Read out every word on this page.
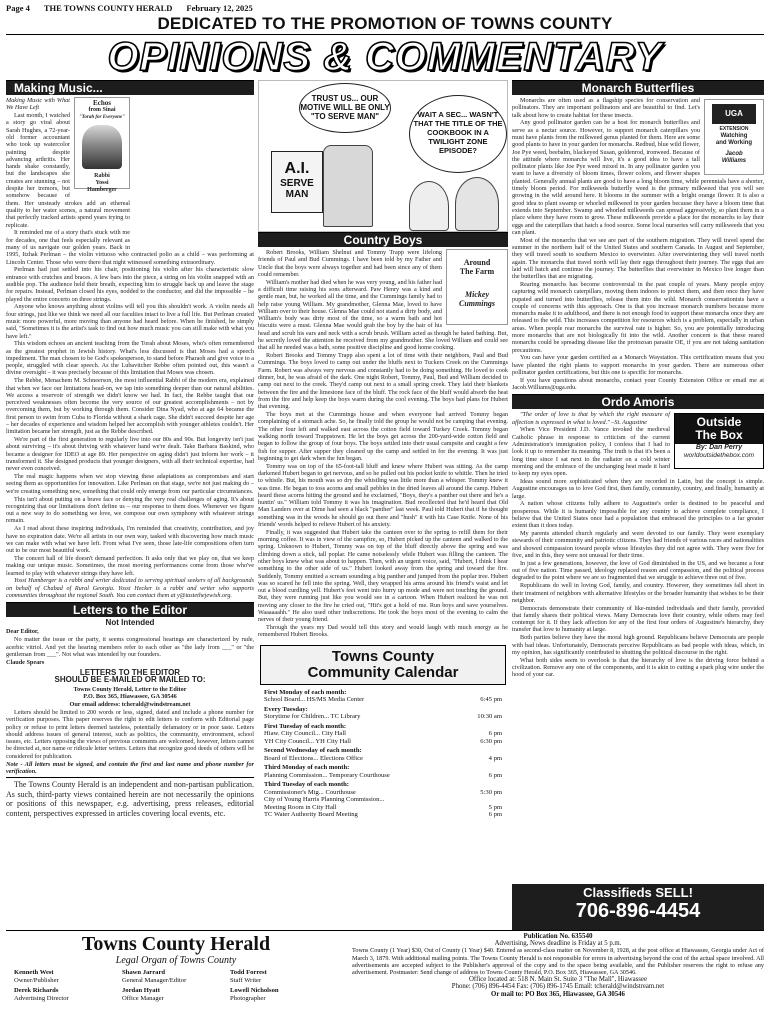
Page 4 THE TOWNS COUNTY HERALD February 12, 2025
DEDICATED TO THE PROMOTION OF TOWNS COUNTY
OPINIONS & COMMENTARY
Making Music...
Echos
from Sinai
"Torah for Everyone"
Rabbi
Yossi
Hamberger

Making Music with What We Have Left

Last month, I watched a story go viral about Sarah Hughes, a 72-year-old former accountant who took up watercolor painting despite advancing arthritis. Her hands shake constantly, but the landscapes she creates are stunning – not despite her tremors, but somehow because of them. Her unsteady strokes add an ethereal quality to her water scenes, a natural movement that perfectly tracked artists spend years trying to replicate.

It reminded me of a story that's stuck with me for decades, one that feels especially relevant as many of us navigate our golden years. Back in 1995, Itzhak Perlman – the violin virtuoso who contracted polio as a child – was performing at Lincoln Center. Those who were there that night witnessed something extraordinary.

Perlman had just settled into his chair, positioning his violin after his characteristic slow entrance with crutches and braces. A few bars into the piece, a string on his violin snapped with an audible pop. The audience held their breath, expecting him to struggle back up and leave the stage for repairs. Instead, Perlman closed his eyes, nodded to the conductor, and did the impossible – he played the entire concerto on three strings.

Anyone who knows anything about violins will tell you this shouldn't work. A violin needs all four strings, just like we think we need all our faculties intact to live a full life. But Perlman created music more powerful, more moving than anyone had heard before. When he finished, he simply said, "Sometimes it is the artist's task to find out how much music you can still make with what you have left."

This wisdom echoes an ancient teaching from the Torah about Moses, who's often remembered as the greatest prophet in Jewish history. What's less discussed is that Moses had a speech impediment. The man chosen to be God's spokesperson, to stand before Pharaoh and give voice to a people, struggled with clear speech. As the Lubavitcher Rebbe often pointed out, this wasn't a divine oversight – it was precisely because of this limitation that Moses was chosen.

The Rebbe, Menachem M. Schneerson, the most influential Rabbi of the modern era, explained that when we face our limitations head-on, we tap into something deeper than our natural abilities. We access a reservoir of strength we didn't know we had. In fact, the Rebbe taught that our perceived weaknesses often become the very source of our greatest accomplishments – not by overcoming them, but by working through them. Consider Dina Nyad, who at age 64 became the first person to swim from Cuba to Florida without a shark cage. She didn't succeed despite her age – her decades of experience and wisdom helped her accomplish with younger athletes couldn't. Her limitation became her strength, just as the Rebbe described.

We're part of the first generation to regularly live into our 80s and 90s. But longevity isn't just about surviving – it's about thriving with whatever hand we're dealt. Take Barbara Baskind, who became a designer for IDEO at age 89. Her perspective on aging didn't just inform her work – it transformed it. She designed products that younger designers, with all their technical expertise, had never even conceived.

The real magic happens when we stop viewing these adaptations as compromises and start seeing them as opportunities for innovation. Like Perlman on that stage, we're not just making do – we're creating something new, something that could only emerge from our particular circumstances.

This isn't about putting on a brave face or denying the very real challenges of aging. It's about recognizing that our limitations don't define us – our response to them does. Whenever we figure out a new way to do something we love, we compose our own symphony with whatever strings remain.

As I read about these inspiring individuals, I'm reminded that creativity, contribution, and joy have no expiration date. We're all artists in our own way, tasked with discovering how much music we can make with what we have left. From what I've seen, those late-life compositions often turn out to be our most beautiful work.

The concert hall of life doesn't demand perfection. It asks only that we play on, that we keep making our unique music. Sometimes, the most moving performances come from those who've learned to play with whatever strings they have left.

Yossi Hamberger is a rabbi and writer dedicated to serving spiritual seekers of all backgrounds on behalf of Chabad of Rural Georgia. Yossi Hecker is a rabbi and writer who supports communities throughout the regional South. You can contact them at y@tastethejewish.org.

Letters to the Editor
Not Intended

Dear Editor,

No matter the issue or the party, it seems congressional hearings are characterized by rude, acerbic vitriol. And yet the hearing members refer to each other as "the lady from ___" or "the gentleman from ___". Not what was intended by our founders.

Claude Spears

LETTERS TO THE EDITOR
SHOULD BE E-MAILED OR MAILED TO:

Towns County Herald, Letter to the Editor

P.O. Box 365, Hiawassee, GA 30546

Our email address: tcherald@windstream.net

Letters should be limited to 200 words or less, signed, dated and include a phone number for verification purposes. This paper reserves the right to edit letters to conform with Editorial page policy or refuse to print letters deemed tasteless, potentially defamatory or in poor taste. Letters should address issues of general interest, such as politics, the community, environment, school issues, etc. Letters opposing the views of previous comments are welcomed, however, letters cannot be directed at, nor name or ridicule letter writers. Letters that recognize good deeds of others will be considered for publication.

Note - All letters must be signed, and contain the first and last name and phone number for verification.

The Towns County Herald is an independent and non-partisan publication. As such, third-party views contained herein are not necessarily the opinions or positions of this newspaper, e.g. advertising, press releases, editorial content, perspectives expressed in articles covering local events, etc.

TRUST US... OUR MOTIVE WILL BE ONLY "TO SERVE MAN"	WAIT A SEC... WASN'T THAT THE TITLE OF THE COOKBOOK IN A TWILIGHT ZONE EPISODE?
A.I.
SERVE MAN
Country Boys
Around
The Farm
Mickey
Cummings

Robert Brooks, William Shelnut and Tommy Trapp were lifelong friends of Paul and Bud Cummings. I have been told by my Father and Uncle that the boys were always together and had been since any of them could remember.

William's mother had died when he was very young, and his father had a difficult time raising his sons afterward. Paw Henry was a kind and gentle man, but, he worked all the time, and the Cummings family had to help raise young William. My grandmother, Glenna Mae, loved to have William over to their house. Glenna Mae could not stand a dirty body, and William's body was dirty most of the time, so a warm bath and hot biscuits were a must. Glenna Mae would grab the boy by the hair of his head and scrub his ears and neck with a scrub brush. William acted as though he hated bathing. But, he secretly loved the attention he received from my grandmother. She loved William and could see that all he needed was a bath, some positive discipline and good home cooking.

Robert Brooks and Tommy Trapp also spent a lot of time with their neighbors, Paul and Bud Cummings. The boys loved to camp out under the bluffs next to Tuckers Creek on the Cummings Farm. Robert was always very nervous and constantly had to be doing something. He loved to cook dinner, but, he was afraid of the dark. One night Robert, Tommy, Paul, Bud and William decided to camp out next to the creek. They'd camp out next to a small spring creek. They laid their blankets between the fire and the limestone face of the bluff. The rock face of the bluff would absorb the heat from the fire and help keep the boys warm during the cool evening. The boys had plans for Hubert that evening.

The boys met at the Cummings house and when everyone had arrived Tommy began complaining of a stomach ache. So, he finally told the group he would not be camping that evening. The other four left and walked east across the cotton field toward Turkey Creek. Tommy began walking north toward Trappstown. He let the boys get across the 200-yard-wide cotton field and began to follow the group of four boys. The boys settled into their usual campsite and caught a few fish for supper. After supper they cleaned up the camp and settled in for the evening. It was just beginning to get dark when the fun began.

Tommy was on top of the 65-foot-tall bluff and knew where Hubert was sitting. As the camp darkened Hubert began to get nervous, and so he pulled out his pocket knife to whittle. Then he tried to whistle. But, his mouth was so dry the whistling was little more than a whisper. Tommy knew it was time. He began to toss acorns and small pebbles in the dried leaves all around the camp. Hubert heard these acorns hitting the ground and he exclaimed, "Boys, they's a panther out there and he's a huntin' us." William told Tommy it was his imagination. Bud recollected that he'd heard that Old Man Landers over at Dime had seen a black "panther" last week. Paul told Hubert that if he thought something was in the woods he should go out there and "hush" it with his Case Knife. None of his friends' words helped to relieve Hubert of his anxiety.

Finally, it was suggested that Hubert take the canteen over to the spring to refill them for their morning coffee. It was in view of the campfire, so, Hubert picked up the canteen and walked to the spring. Unknown to Hubert, Tommy was on top of the bluff directly above the spring and was climbing down a stick, tall poplar. He came noiselessly while Hubert was filling the canteen. The other boys knew what was about to happen. Then, with an urgent voice, said, "Hubert, I think I hear something to the other side of us." Hubert looked away from the spring and toward the fire. Suddenly, Tommy emitted a scream sounding a big panther and jumped from the poplar tree. Hubert was so scared he fell into the spring. Well, they wrapped his arms around his friend's waist and let out a blood curdling yell. Hubert's feet went into hurry up mode and were not touching the ground. But, they were running just like you would see in a cartoon. When Hubert realized he was not moving any closer to the fire he cried out, "Hit's got a hold of me. Run boys and save yourselves. Waaaaaahh." He also used other indiscretions. He took the boys most of the evening to calm the nerves of their young friend.

Through the years my Dad would tell this story and would laugh with much energy as he remembered Hubert Brooks.

Towns County
Community Calendar
First Monday of each month:
School Board... HS/MS Media Center	6:45 pm
Every Tuesday:
Storytime for Children... TC Library	10:30 am
First Tuesday of each month:
Hiaw. City Council... City Hall	6 pm
YH City Council... YH City Hall	6:30 pm
Second Wednesday of each month:
Board of Elections... Elections Office	4 pm
Third Monday of each month:
Planning Commission... Temporary Courthouse	6 pm
Third Tuesday of each month:
Commissioner's Mtg... Courthouse	5:30 pm
City of Young Harris Planning Commission...
Meeting Room in City Hall	5 pm
TC Water Authority Board Meeting	6 pm
Monarch Butterflies
UGA
EXTENSION
Watching
and Working
Jacob
Williams

Monarchs are often used as a flagship species for conservation and pollinators. They are important pollinators and are beautiful to find. Let's talk about how to create habitat for these insects.

Any good pollinator garden can be a host for monarch butterflies and serve as a nectar source. However, to support monarch caterpillars you must have plants from the milkweed genus planted for them. Here are some good plants to have in your garden for monarchs. Redbud, blue wild flower, Joe Pye weed, beebalm, blackeyed Susan, goldenrod, ironweed. Because of the attitude where monarchs will live, it's a good idea to have a tall pollinator plants like Joe Pye weed mixed in. In any pollinator garden you want to have a diversity of bloom times, flower colors, and flower shapes planted. Generally annual plants are good to have a long bloom time, while perennials have a shorter, timely bloom period. For milkweeds butterfly weed is the primary milkweed that you will see growing in the wild around here. It blooms in the summer with a bright orange flower. It is also a good idea to plant swamp or whorled milkweed in your garden because they have a bloom time that extends into September. Swamp and whorled milkweeds can spread aggressively, so plant them in a place where they have room to grow. These milkweeds provide a place for the monarchs to lay their eggs and the caterpillars that hatch a food source. Some local nurseries will carry milkweeds that you can plant.

Most of the monarchs that we see are part of the southern migration. They will travel spend the summer in the northern half of the United States and southern Canada. In August and September, they will travel south to southern Mexico to overwinter. After overwintering they will travel north again. The monarchs that travel north will lay their eggs throughout their journey. The eggs that are laid will hatch and continue the journey. The butterflies that overwinter in Mexico live longer than the butterflies that are migrating.

Rearing monarchs has become controversial in the past couple of years. Many people enjoy capturing wild monarch caterpillars, moving them indoors to protect them, and then once they have pupated and turned into butterflies, release them into the wild. Monarch conservationists have a couple of concerns with this approach. One is that you increase monarch numbers because more monarchs make it to adulthood, and there is not enough food to support these monarchs once they are released to the wild. This increases competition for resources which is a problem, especially in urban areas. When people rear monarchs the survival rate is higher. So, you are potentially introducing more monarchs that are not biologically fit into the wild. Another concern is that these reared monarchs could be spreading disease like the protozoan parasite OE, if you are not taking sanitation precautions.

You can have your garden certified as a Monarch Waystation. This certification means that you have planted the right plants to support monarchs in your garden. There are numerous other pollinator garden certifications, but this one is specific for monarchs.

If you have questions about monarchs, contact your County Extension Office or email me at Jacob.Williams@uga.edu.

Ordo Amoris
Outside
The Box
By: Dan Perry
worldoutsidethebox.com

"The order of love is that by which the right measure of affection is expressed in what is loved." –St. Augustine

When Vice President J.D. Vance invoked the medieval Catholic phrase in response to criticism of the current Administration's immigration policy, I confess that I had to look it up to remember its meaning. The truth is that it's been a long time since I sat next to the radiator on a cold winter morning and the embrace of the unchanging heat made it hard to keep my eyes open.

Ideas sound more sophisticated when they are recorded in Latin, but the concept is simple. Augustine encourages us to love God first, then family, community, country, and finally, humanity at large.

A nation whose citizens fully adhere to Augustine's order is destined to be peaceful and prosperous. While it is humanly impossible for any country to achieve complete compliance, I believe that the United States once had a population that embraced the principles to a far greater extent than it does today.

My parents attended church regularly and were devoted to our family. They were exemplary stewards of their community and patriotic citizens. They had friends of various races and nationalities and showed compassion toward people whose lifestyles they did not agree with. They were five for five, and in this, they were not unusual for their time.

In just a few generations, however, the love of God diminished in the US, and we became a four out of five nation. Time passed, ideology replaced reason and compassion, and the political process degraded to the point where we are so fragmented that we struggle to achieve three out of five.

Republicans do well in loving God, family, and country. However, they sometimes fall short in their treatment of neighbors with alternative lifestyles or the broader humanity that wishes to be their neighbor.

Democrats demonstrate their community of like-minded individuals and their family, provided that family shares their political views. Many Democrats love their country, while others may feel contempt for it. If they lack affection for any of the first four orders of Augustine's hierarchy, they transfer that love to humanity at large.

Both parties believe they have the moral high ground. Republicans believe Democrats are people with bad ideas. Unfortunately, Democrats perceive Republicans as bad people with ideas, which, in my opinion, has significantly contributed to shutting the political discourse in the right.

What both sides seem to overlook is that the hierarchy of love is the driving force behind a civilization. Remove any one of the components, and it is akin to cutting a spark plug wire under the hood of your car.

Classifieds SELL!
706-896-4454
Towns County Herald
Legal Organ of Towns County
Kenneth West
Owner/Publisher
Shawn Jarrard
General Manager/Editor
Todd Forrest
Staff Writer
Derek Richards
Advertising Director
Jordan Hyatt
Office Manager
Lowell Nicholson
Photographer
Publication No. 635540
Advertising, News deadline is Friday at 5 p.m.
Towns County (1 Year) $30, Out of County (1 Year) $40. Entered as second-class matter on November 8, 1928, at the post office at Hiawassee, Georgia under Act of March 3, 1879. With additional mailing points. The Towns County Herald is not responsible for errors in advertising beyond the cost of the actual space involved. All advertisements are accepted subject to the Publisher's approval of the copy and to the space being available, and the Publisher reserves the right to refuse any advertisement. Postmaster: Send change of address to Towns County Herald, P.O. Box 365, Hiawassee, GA 30546.
Office located at: 518 N. Main St. Suite 3 "The Mall", Hiawassee
Phone: (706) 896-4454 Fax: (706) 896-1745 Email: tcherald@windstream.net
Or mail to: PO Box 365, Hiawassee, GA 30546
